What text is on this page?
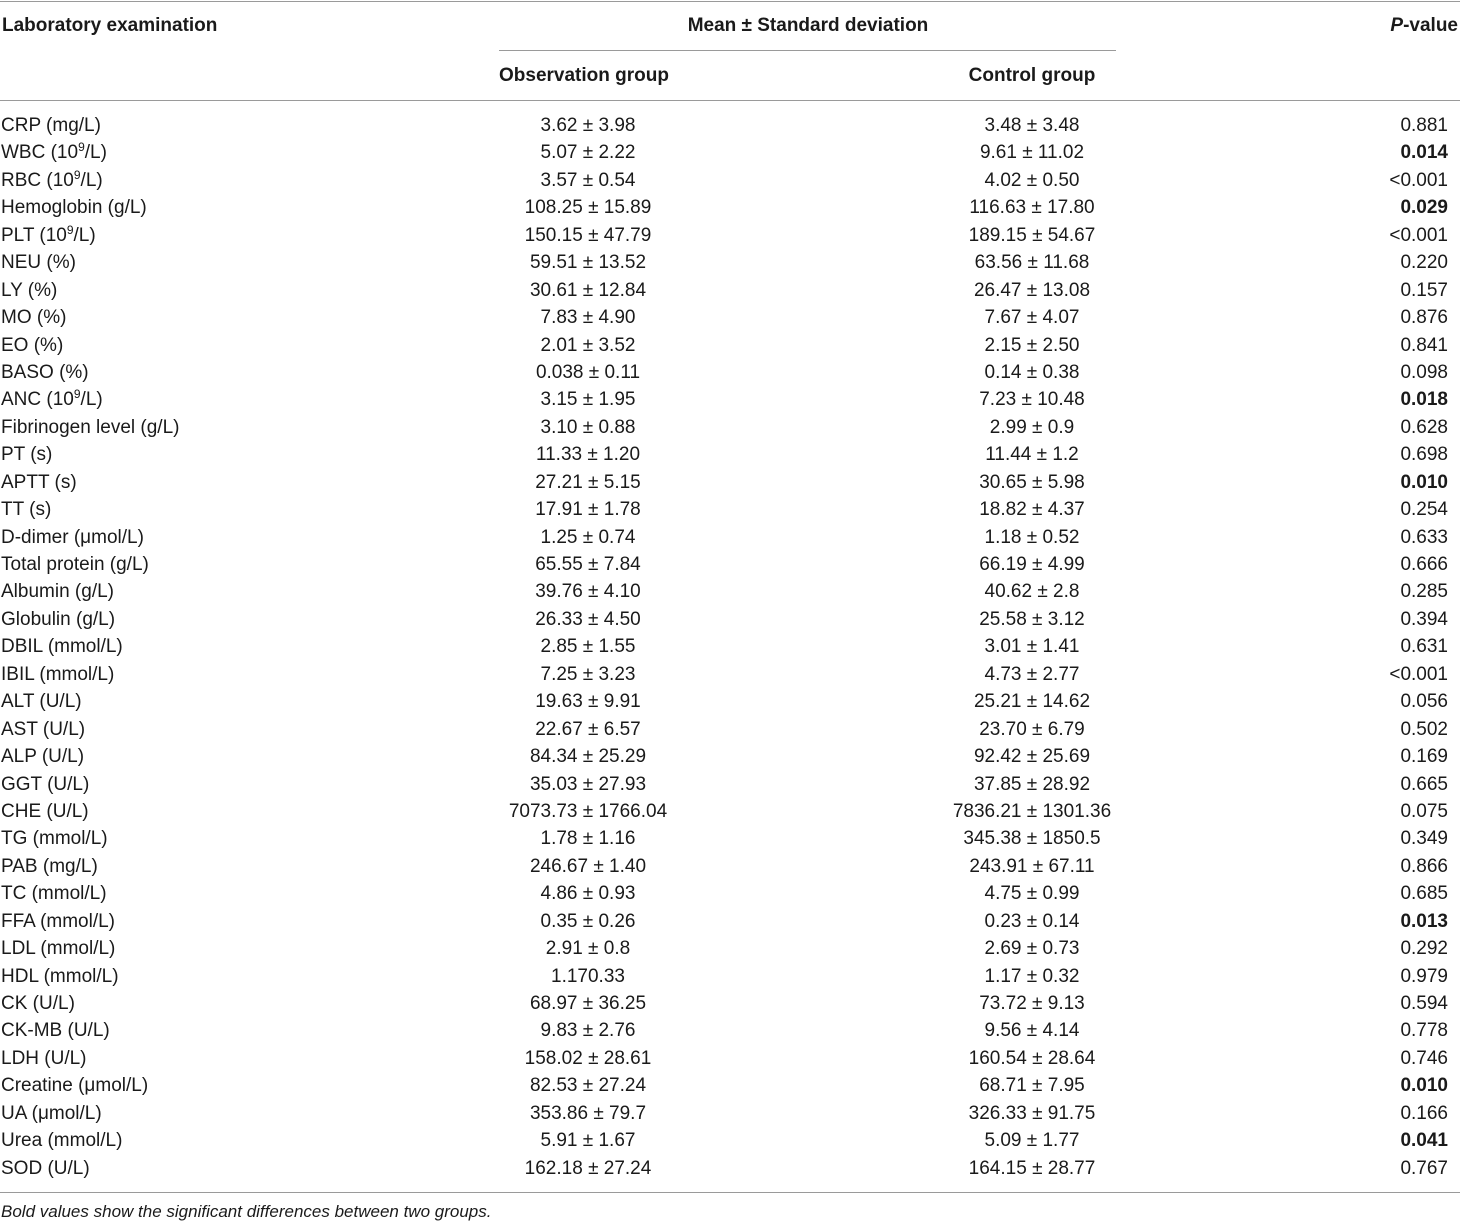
Laboratory examination	Mean ± Standard deviation	P-value
Observation group	Control group
CRP (mg/L)	3.62 ± 3.98	3.48 ± 3.48	0.881
WBC $(10^9/L)$	5.07 ± 2.22	9.61 ± 11.02	0.014
RBC $(10^9/L)$	3.57 ± 0.54	4.02 ± 0.50	<0.001
Hemoglobin (g/L)	108.25 ± 15.89	116.63 ± 17.80	0.029
PLT $(10^9/L)$	150.15 ± 47.79	189.15 ± 54.67	<0.001
NEU (%)	59.51 ± 13.52	63.56 ± 11.68	0.220
LY (%)	30.61 ± 12.84	26.47 ± 13.08	0.157
MO (%)	7.83 ± 4.90	7.67 ± 4.07	0.876
EO (%)	2.01 ± 3.52	2.15 ± 2.50	0.841
BASO (%)	0.038 ± 0.11	0.14 ± 0.38	0.098
ANC $(10^9/L)$	3.15 ± 1.95	7.23 ± 10.48	0.018
Fibrinogen level (g/L)	3.10 ± 0.88	2.99 ± 0.9	0.628
PT (s)	11.33 ± 1.20	11.44 ± 1.2	0.698
APTT (s)	27.21 ± 5.15	30.65 ± 5.98	0.010
TT (s)	17.91 ± 1.78	18.82 ± 4.37	0.254
D-dimer (μmol/L)	1.25 ± 0.74	1.18 ± 0.52	0.633
Total protein (g/L)	65.55 ± 7.84	66.19 ± 4.99	0.666
Albumin (g/L)	39.76 ± 4.10	40.62 ± 2.8	0.285
Globulin (g/L)	26.33 ± 4.50	25.58 ± 3.12	0.394
DBIL (mmol/L)	2.85 ± 1.55	3.01 ± 1.41	0.631
IBIL (mmol/L)	7.25 ± 3.23	4.73 ± 2.77	<0.001
ALT (U/L)	19.63 ± 9.91	25.21 ± 14.62	0.056
AST (U/L)	22.67 ± 6.57	23.70 ± 6.79	0.502
ALP (U/L)	84.34 ± 25.29	92.42 ± 25.69	0.169
GGT (U/L)	35.03 ± 27.93	37.85 ± 28.92	0.665
CHE (U/L)	7073.73 ± 1766.04	7836.21 ± 1301.36	0.075
TG (mmol/L)	1.78 ± 1.16	345.38 ± 1850.5	0.349
PAB (mg/L)	246.67 ± 1.40	243.91 ± 67.11	0.866
TC (mmol/L)	4.86 ± 0.93	4.75 ± 0.99	0.685
FFA (mmol/L)	0.35 ± 0.26	0.23 ± 0.14	0.013
LDL (mmol/L)	2.91 ± 0.8	2.69 ± 0.73	0.292
HDL (mmol/L)	1.170.33	1.17 ± 0.32	0.979
CK (U/L)	68.97 ± 36.25	73.72 ± 9.13	0.594
CK-MB (U/L)	9.83 ± 2.76	9.56 ± 4.14	0.778
LDH (U/L)	158.02 ± 28.61	160.54 ± 28.64	0.746
Creatine (μmol/L)	82.53 ± 27.24	68.71 ± 7.95	0.010
UA (μmol/L)	353.86 ± 79.7	326.33 ± 91.75	0.166
Urea (mmol/L)	5.91 ± 1.67	5.09 ± 1.77	0.041
SOD (U/L)	162.18 ± 27.24	164.15 ± 28.77	0.767
Bold values show the significant differences between two groups.
